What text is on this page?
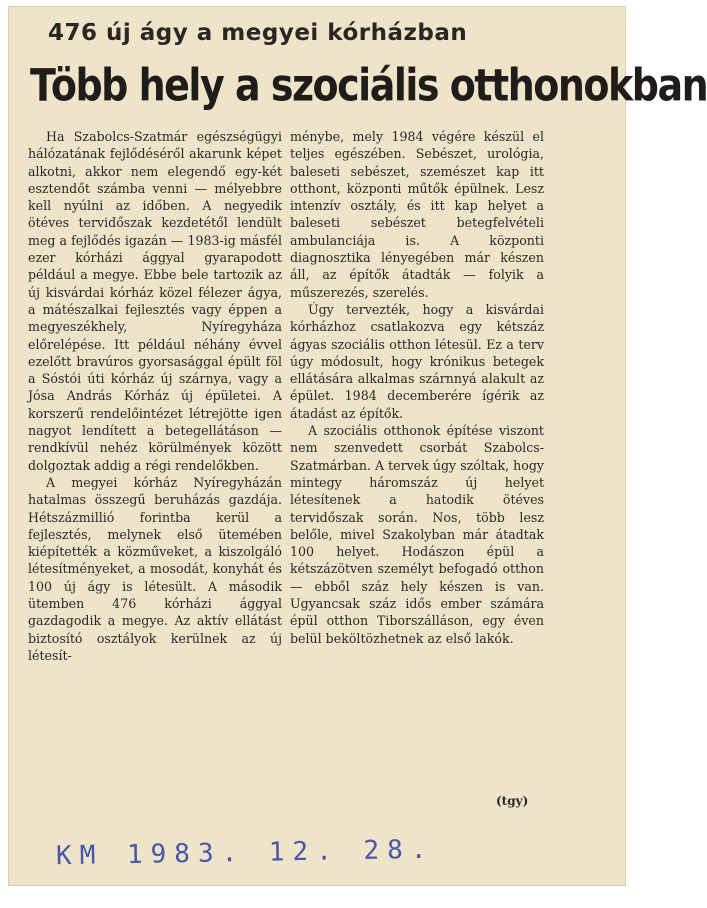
476 új ágy a megyei kórházban
Több hely a szociális otthonokban

Ha Szabolcs-Szatmár egészségügyi hálózatának fejlődéséről akarunk képet alkotni, akkor nem elegendő egy-két esztendőt számba venni — mélyebbre kell nyúlni az időben. A negyedik ötéves tervidőszak kezdetétől lendült meg a fejlődés igazán — 1983-ig másfél ezer kórházi ággyal gyarapodott például a megye. Ebbe bele tartozik az új kisvárdai kórház közel félezer ágya, a mátészalkai fejlesztés vagy éppen a megyeszékhely, Nyíregyháza előrelépése. Itt például néhány évvel ezelőtt bravúros gyorsasággal épült föl a Sóstói úti kórház új szárnya, vagy a Jósa András Kórház új épületei. A korszerű rendelőintézet létrejötte igen nagyot lendített a betegellátáson — rendkívül nehéz körülmények között dolgoztak addig a régi rendelőkben.

A megyei kórház Nyíregyházán hatalmas összegű beruházás gazdája. Hétszázmillió forintba kerül a fejlesztés, melynek első ütemében kiépítették a közműveket, a kiszolgáló létesítményeket, a mosodát, konyhát és 100 új ágy is létesült. A második ütemben 476 kórházi ággyal gazdagodik a megye. Az aktív ellátást biztosító osztályok kerülnek az új létesít-

ménybe, mely 1984 végére készül el teljes egészében. Sebészet, urológia, baleseti sebészet, szemészet kap itt otthont, központi műtők épülnek. Lesz intenzív osztály, és itt kap helyet a baleseti sebészet betegfelvételi ambulanciája is. A központi diagnosztika lényegében már készen áll, az építők átadták — folyik a műszerezés, szerelés.

Úgy tervezték, hogy a kisvárdai kórházhoz csatlakozva egy kétszáz ágyas szociális otthon létesül. Ez a terv úgy módosult, hogy krónikus betegek ellátására alkalmas szárnnyá alakult az épület. 1984 decemberére ígérik az átadást az építők.

A szociális otthonok építése viszont nem szenvedett csorbát Szabolcs-Szatmárban. A tervek úgy szóltak, hogy mintegy háromszáz új helyet létesítenek a hatodik ötéves tervidőszak során. Nos, több lesz belőle, mivel Szakolyban már átadtak 100 helyet. Hodászon épül a kétszázötven személyt befogadó otthon — ebből száz hely készen is van. Ugyancsak száz idős ember számára épül otthon Tiborszálláson, egy éven belül beköltözhetnek az első lakók.

(tgy)
KM 1983. 12. 28.
